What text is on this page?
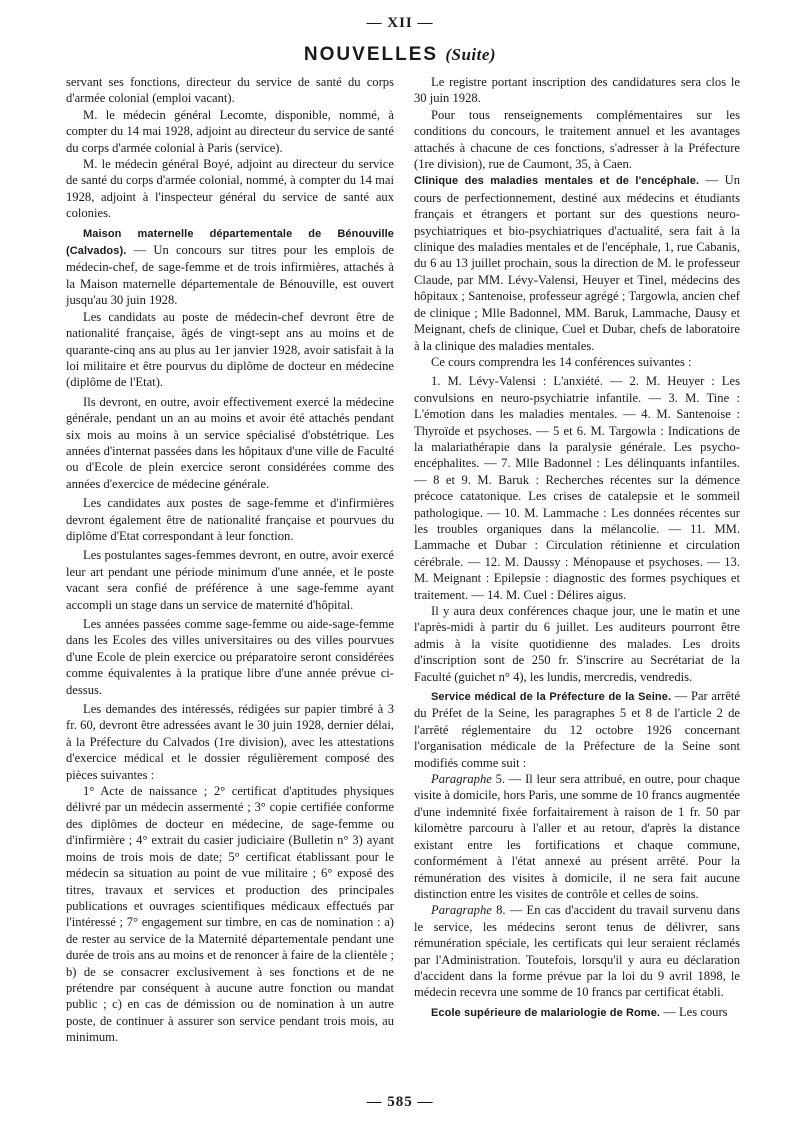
— XII —
NOUVELLES (Suite)

servant ses fonctions, directeur du service de santé du corps d'armée colonial (emploi vacant).

M. le médecin général Lecomte, disponible, nommé, à compter du 14 mai 1928, adjoint au directeur du service de santé du corps d'armée colonial à Paris (service).

M. le médecin général Boyé, adjoint au directeur du service de santé du corps d'armée colonial, nommé, à compter du 14 mai 1928, adjoint à l'inspecteur général du service de santé aux colonies.

Maison maternelle départementale de Bénouville (Calvados). — Un concours sur titres pour les emplois de médecin-chef, de sage-femme et de trois infirmières, attachés à la Maison maternelle départementale de Bénouville, est ouvert jusqu'au 30 juin 1928.

Les candidats au poste de médecin-chef devront être de nationalité française, âgés de vingt-sept ans au moins et de quarante-cinq ans au plus au 1er janvier 1928, avoir satisfait à la loi militaire et être pourvus du diplôme de docteur en médecine (diplôme de l'Etat).

Ils devront, en outre, avoir effectivement exercé la médecine générale, pendant un an au moins et avoir été attachés pendant six mois au moins à un service spécialisé d'obstétrique. Les années d'internat passées dans les hôpitaux d'une ville de Faculté ou d'Ecole de plein exercice seront considérées comme des années d'exercice de médecine générale.

Les candidates aux postes de sage-femme et d'infirmières devront également être de nationalité française et pourvues du diplôme d'Etat correspondant à leur fonction.

Les postulantes sages-femmes devront, en outre, avoir exercé leur art pendant une période minimum d'une année, et le poste vacant sera confié de préférence à une sage-femme ayant accompli un stage dans un service de maternité d'hôpital.

Les années passées comme sage-femme ou aide-sage-femme dans les Ecoles des villes universitaires ou des villes pourvues d'une Ecole de plein exercice ou préparatoire seront considérées comme équivalentes à la pratique libre d'une année prévue ci-dessus.

Les demandes des intéressés, rédigées sur papier timbré à 3 fr. 60, devront être adressées avant le 30 juin 1928, dernier délai, à la Préfecture du Calvados (1re division), avec les attestations d'exercice médical et le dossier régulièrement composé des pièces suivantes :

1° Acte de naissance ; 2° certificat d'aptitudes physiques délivré par un médecin assermenté ; 3° copie certifiée conforme des diplômes de docteur en médecine, de sage-femme ou d'infirmière ; 4° extrait du casier judiciaire (Bulletin n° 3) ayant moins de trois mois de date; 5° certificat établissant pour le médecin sa situation au point de vue militaire ; 6° exposé des titres, travaux et services et production des principales publications et ouvrages scientifiques médicaux effectués par l'intéressé ; 7° engagement sur timbre, en cas de nomination : a) de rester au service de la Maternité départementale pendant une durée de trois ans au moins et de renoncer à faire de la clientèle ; b) de se consacrer exclusivement à ses fonctions et de ne prétendre par conséquent à aucune autre fonction ou mandat public ; c) en cas de démission ou de nomination à un autre poste, de continuer à assurer son service pendant trois mois, au minimum.

Le registre portant inscription des candidatures sera clos le 30 juin 1928.

Pour tous renseignements complémentaires sur les conditions du concours, le traitement annuel et les avantages attachés à chacune de ces fonctions, s'adresser à la Préfecture (1re division), rue de Caumont, 35, à Caen.

Clinique des maladies mentales et de l'encéphale. — Un cours de perfectionnement, destiné aux médecins et étudiants français et étrangers et portant sur des questions neuro-psychiatriques et bio-psychiatriques d'actualité, sera fait à la clinique des maladies mentales et de l'encéphale, 1, rue Cabanis, du 6 au 13 juillet prochain, sous la direction de M. le professeur Claude, par MM. Lévy-Valensi, Heuyer et Tinel, médecins des hôpitaux ; Santenoise, professeur agrégé ; Targowla, ancien chef de clinique ; Mlle Badonnel, MM. Baruk, Lammache, Dausy et Meignant, chefs de clinique, Cuel et Dubar, chefs de laboratoire à la clinique des maladies mentales.

Ce cours comprendra les 14 conférences suivantes :

1. M. Lévy-Valensi : L'anxiété. — 2. M. Heuyer : Les convulsions en neuro-psychiatrie infantile. — 3. M. Tine : L'émotion dans les maladies mentales. — 4. M. Santenoise : Thyroïde et psychoses. — 5 et 6. M. Targowla : Indications de la malariathérapie dans la paralysie générale. Les psycho-encéphalites. — 7. Mlle Badonnel : Les délinquants infantiles. — 8 et 9. M. Baruk : Recherches récentes sur la démence précoce catatonique. Les crises de catalepsie et le sommeil pathologique. — 10. M. Lammache : Les données récentes sur les troubles organiques dans la mélancolie. — 11. MM. Lammache et Dubar : Circulation rétinienne et circulation cérébrale. — 12. M. Daussy : Ménopause et psychoses. — 13. M. Meignant : Epilepsie : diagnostic des formes psychiques et traitement. — 14. M. Cuel : Délires aigus.

Il y aura deux conférences chaque jour, une le matin et une l'après-midi à partir du 6 juillet. Les auditeurs pourront être admis à la visite quotidienne des malades. Les droits d'inscription sont de 250 fr. S'inscrire au Secrétariat de la Faculté (guichet n° 4), les lundis, mercredis, vendredis.

Service médical de la Préfecture de la Seine. — Par arrêté du Préfet de la Seine, les paragraphes 5 et 8 de l'article 2 de l'arrêté réglementaire du 12 octobre 1926 concernant l'organisation médicale de la Préfecture de la Seine sont modifiés comme suit :

Paragraphe 5. — Il leur sera attribué, en outre, pour chaque visite à domicile, hors Paris, une somme de 10 francs augmentée d'une indemnité fixée forfaitairement à raison de 1 fr. 50 par kilomètre parcouru à l'aller et au retour, d'après la distance existant entre les fortifications et chaque commune, conformément à l'état annexé au présent arrêté. Pour la rémunération des visites à domicile, il ne sera fait aucune distinction entre les visites de contrôle et celles de soins.

Paragraphe 8. — En cas d'accident du travail survenu dans le service, les médecins seront tenus de délivrer, sans rémunération spéciale, les certificats qui leur seraient réclamés par l'Administration. Toutefois, lorsqu'il y aura eu déclaration d'accident dans la forme prévue par la loi du 9 avril 1898, le médecin recevra une somme de 10 francs par certificat établi.

Ecole supérieure de malariologie de Rome. — Les cours

— 585 —
